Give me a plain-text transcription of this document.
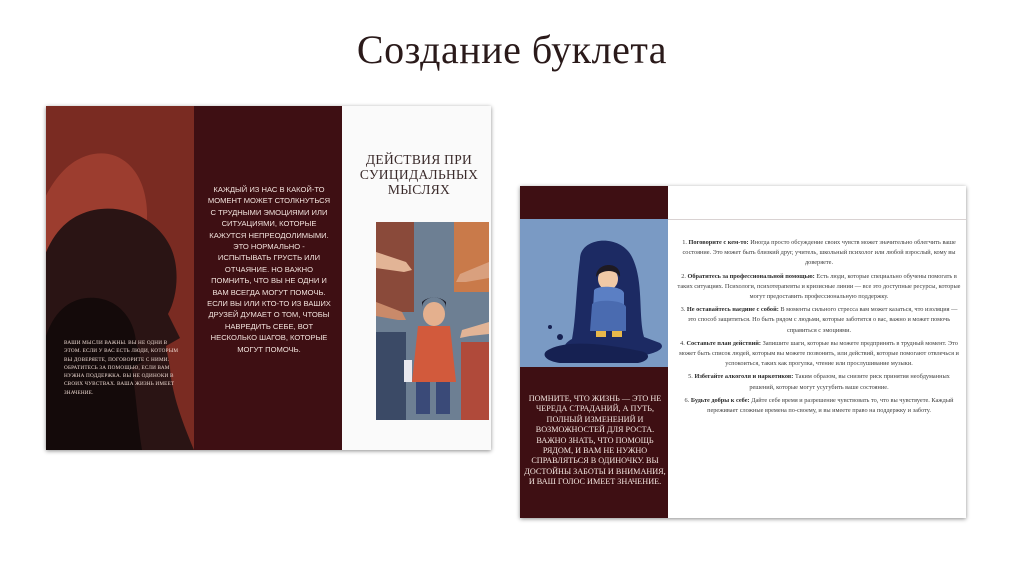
Создание буклета
ВАШИ МЫСЛИ ВАЖНЫ. ВЫ НЕ ОДНИ В ЭТОМ. ЕСЛИ У ВАС ЕСТЬ ЛЮДИ, КОТОРЫМ ВЫ ДОВЕРЯЕТЕ, ПОГОВОРИТЕ С НИМИ. ОБРАТИТЕСЬ ЗА ПОМОЩЬЮ, ЕСЛИ ВАМ НУЖНА ПОДДЕРЖКА. ВЫ НЕ ОДИНОКИ В СВОИХ ЧУВСТВАХ. ВАША ЖИЗНЬ ИМЕЕТ ЗНАЧЕНИЕ.
КАЖДЫЙ ИЗ НАС В КАКОЙ-ТО МОМЕНТ МОЖЕТ СТОЛКНУТЬСЯ С ТРУДНЫМИ ЭМОЦИЯМИ ИЛИ СИТУАЦИЯМИ, КОТОРЫЕ КАЖУТСЯ НЕПРЕОДОЛИМЫМИ. ЭТО НОРМАЛЬНО - ИСПЫТЫВАТЬ ГРУСТЬ ИЛИ ОТЧАЯНИЕ. НО ВАЖНО ПОМНИТЬ, ЧТО ВЫ НЕ ОДНИ И ВАМ ВСЕГДА МОГУТ ПОМОЧЬ. ЕСЛИ ВЫ ИЛИ КТО-ТО ИЗ ВАШИХ ДРУЗЕЙ ДУМАЕТ О ТОМ, ЧТОБЫ НАВРЕДИТЬ СЕБЕ, ВОТ НЕСКОЛЬКО ШАГОВ, КОТОРЫЕ МОГУТ ПОМОЧЬ.
ДЕЙСТВИЯ ПРИ СУИЦИДАЛЬНЫХ МЫСЛЯХ
ПОМНИТЕ, ЧТО ЖИЗНЬ — ЭТО НЕ ЧЕРЕДА СТРАДАНИЙ, А ПУТЬ, ПОЛНЫЙ ИЗМЕНЕНИЙ И ВОЗМОЖНОСТЕЙ ДЛЯ РОСТА. ВАЖНО ЗНАТЬ, ЧТО ПОМОЩЬ РЯДОМ, И ВАМ НЕ НУЖНО СПРАВЛЯТЬСЯ В ОДИНОЧКУ. ВЫ ДОСТОЙНЫ ЗАБОТЫ И ВНИМАНИЯ, И ВАШ ГОЛОС ИМЕЕТ ЗНАЧЕНИЕ.
1. Поговорите с кем-то: Иногда просто обсуждение своих чувств может значительно облегчить ваше состояние. Это может быть близкий друг, учитель, школьный психолог или любой взрослый, кому вы доверяете.
2. Обратитесь за профессиональной помощью: Есть люди, которые специально обучены помогать в таких ситуациях. Психологи, психотерапевты и кризисные линии — все это доступные ресурсы, которые могут предоставить профессиональную поддержку.
3. Не оставайтесь наедине с собой: В моменты сильного стресса вам может казаться, что изоляция — это способ защититься. Но быть рядом с людьми, которые заботятся о вас, важно и может помочь справиться с эмоциями.
4. Составьте план действий: Запишите шаги, которые вы можете предпринять в трудный момент. Это может быть список людей, которым вы можете позвонить, или действий, которые помогают отвлечься и успокоиться, таких как прогулка, чтение или прослушивание музыки.
5. Избегайте алкоголя и наркотиков: Таким образом, вы снизите риск принятия необдуманных решений, которые могут усугубить ваше состояние.
6. Будьте добры к себе: Дайте себе время и разрешение чувствовать то, что вы чувствуете. Каждый переживает сложные времена по-своему, и вы имеете право на поддержку и заботу.
